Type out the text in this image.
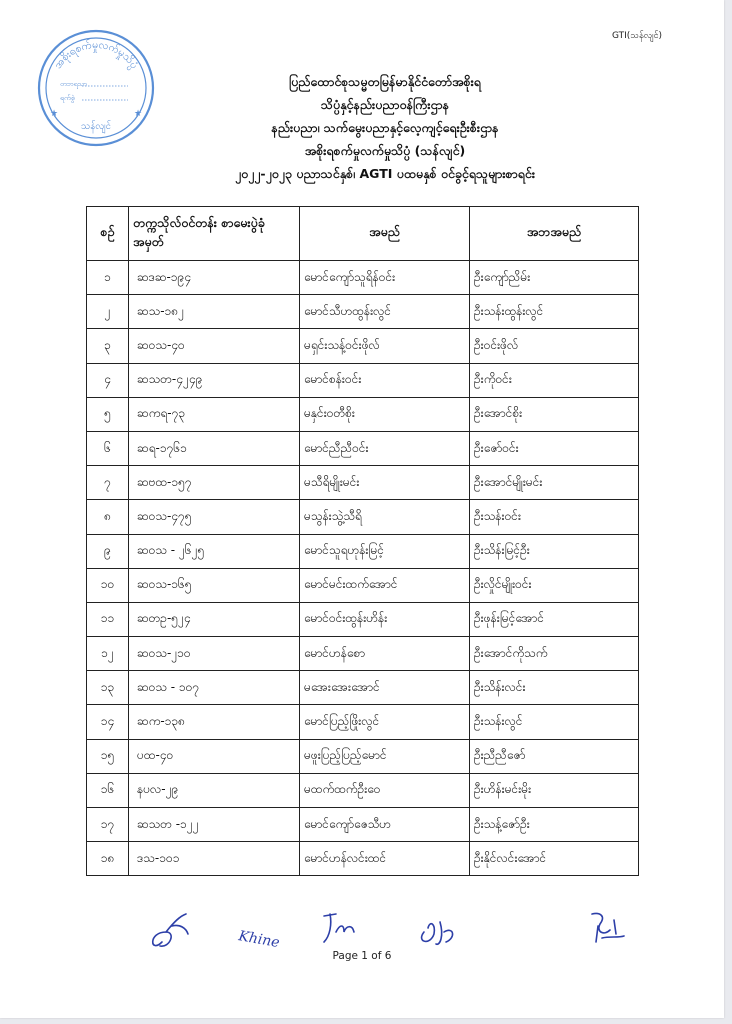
GTI(သန်လျင်)
အစိုးရစက်မှုလက်မှုသိပ္ပံ
တဘရသာ
ရက်စွဲ
သန်လျင်
★	★
ပြည်ထောင်စုသမ္မတမြန်မာနိုင်ငံတော်အစိုးရ
သိပ္ပံနှင့်နည်းပညာဝန်ကြီးဌာန
နည်းပညာ၊ သက်မွေးပညာနှင့်လေ့ကျင့်ရေးဦးစီးဌာန
အစိုးရစက်မှုလက်မှုသိပ္ပံ (သန်လျင်)
၂၀၂၂-၂၀၂၃ ပညာသင်နှစ်၊ AGTI ပထမနှစ် ဝင်ခွင့်ရသူများစာရင်း
စဉ်	တက္ကသိုလ်ဝင်တန်း စာမေးပွဲခုံအမှတ်	အမည်	အဘအမည်
၁	ဆဒဆ-၁၉၄	မောင်ကျော်သူရိန်ဝင်း	ဦးကျော်ညိမ်း
၂	ဆသ-၁၈၂	မောင်သီဟထွန်းလွင်	ဦးသန်းထွန်းလွင်
၃	ဆဝသ-၄၀	မရှင်းသန့်ဝင်းဖိုလ်	ဦးဝင်းဖိုလ်
၄	ဆသတ-၄၂၄၉	မောင်စန်းဝင်း	ဦးကိုဝင်း
၅	ဆကရ-၇၃	မနှင်းဝတီစိုး	ဦးအောင်စိုး
၆	ဆရ-၁၇၆၁	မောင်ညီညီဝင်း	ဦးဇော်ဝင်း
၇	ဆဗထ-၁၅၇	မသီရိမျိုးမင်း	ဦးအောင်မျိုးမင်း
၈	ဆဝသ-၄၇၅	မသွန်းသွဲ့သီရိ	ဦးသန်းဝင်း
၉	ဆဝသ - ၂၆၂၅	မောင်သူရဟုန်းမြင့်	ဦးသိန်းမြင့်ဦး
၁၀	ဆဝသ-၁၆၅	မောင်မင်းထက်အောင်	ဦးလှိုင်မျိုးဝင်း
၁၁	ဆတဥ-၅၂၄	မောင်ဝင်းထွန်းဟိန်း	ဦးဖုန်းမြင့်အောင်
၁၂	ဆဝသ-၂၁၀	မောင်ဟန်စော	ဦးအောင်ကိုသက်
၁၃	ဆဝသ - ၁၀၇	မအေးအေးအောင်	ဦးသိန်းလင်း
၁၄	ဆက-၁၃၈	မောင်ပြည့်ဖြိုးလွင်	ဦးသန်းလွင်
၁၅	ပထ-၄၀	မဖူးပြည့်ပြည့်မောင်	ဦးညီညီဇော်
၁၆	နပလ-၂၉	မထက်ထက်ဦးဝေ	ဦးဟိန်းမင်းမိုး
၁၇	ဆသတ -၁၂၂	မောင်ကျော်ဇေသီဟ	ဦးသန့်ဇော်ဦး
၁၈	ဒသ-၁၀၁	မောင်ဟန်လင်းထင်	ဦးနိုင်လင်းအောင်
Khine
Page 1 of 6
